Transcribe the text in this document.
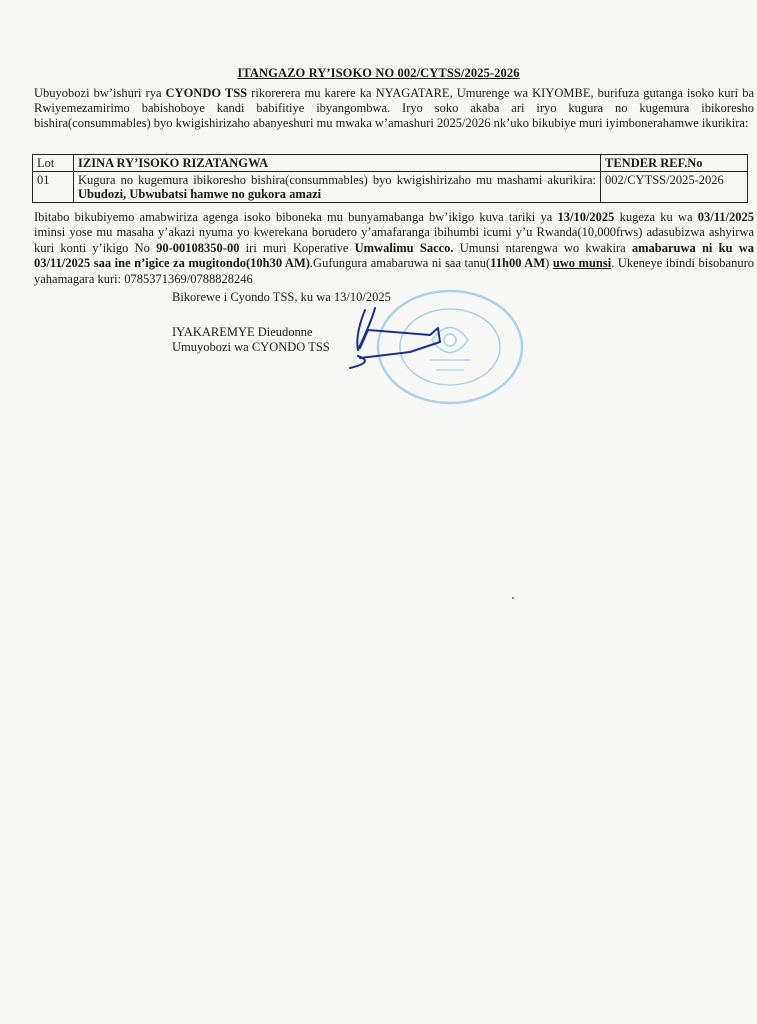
ITANGAZO RY’ISOKO NO 002/CYTSS/2025-2026
Ubuyobozi bw’ishuri rya CYONDO TSS rikorerera mu karere ka NYAGATARE, Umurenge wa KIYOMBE, burifuza gutanga isoko kuri ba Rwiyemezamirimo babishoboye kandi babifitiye ibyangombwa. Iryo soko akaba ari iryo kugura no kugemura ibikoresho bishira(consummables) byo kwigishirizaho abanyeshuri mu mwaka w’amashuri 2025/2026 nk’uko bikubiye muri iyimbonerahamwe ikurikira:
Lot	IZINA RY’ISOKO RIZATANGWA	TENDER REF.No
01	Kugura no kugemura ibikoresho bishira(consummables) byo kwigishirizaho mu mashami akurikira: Ubudozi, Ubwubatsi hamwe no gukora amazi	002/CYTSS/2025-2026
Ibitabo bikubiyemo amabwiriza agenga isoko biboneka mu bunyamabanga bw’ikigo kuva tariki ya 13/10/2025 kugeza ku wa 03/11/2025 iminsi yose mu masaha y’akazi nyuma yo kwerekana borudero y’amafaranga ibihumbi icumi y’u Rwanda(10,000frws) adasubizwa ashyirwa kuri konti y’ikigo No 90-00108350-00 iri muri Koperative Umwalimu Sacco. Umunsi ntarengwa wo kwakira amabaruwa ni ku wa 03/11/2025 saa ine n’igice za mugitondo(10h30 AM).Gufungura amabaruwa ni saa tanu(11h00 AM) uwo munsi. Ukeneye ibindi bisobanuro yahamagara kuri: 0785371369/0788828246
Bikorewe i Cyondo TSS, ku wa 13/10/2025
IYAKAREMYE Dieudonne
Umuyobozi wa CYONDO TSS
